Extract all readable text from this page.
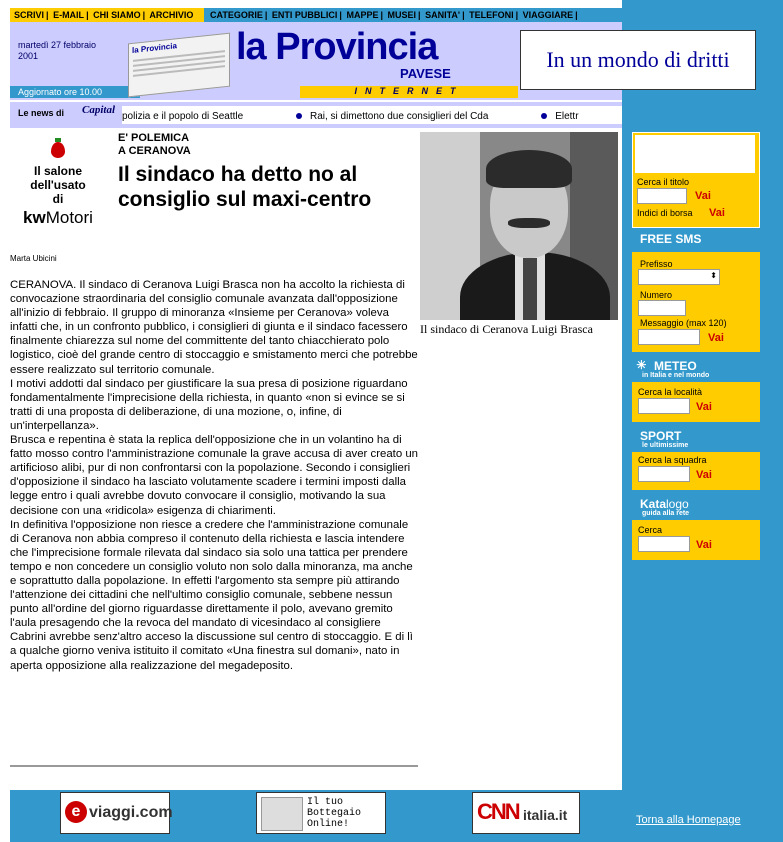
SCRIVI | E-MAIL | CHI SIAMO | ARCHIVIO	CATEGORIE | ENTI PUBBLICI | MAPPE | MUSEI | SANITA' | TELEFONI | VIAGGIARE |
martedì 27 febbraio
2001
Aggiornato ore 10.00
la Provincia	la Provincia
PAVESE
INTERNET
In un mondo di dritti
Le news di Capital
polizia e il popolo di Seattle	Rai, si dimettono due consiglieri del Cda	Elettr
Il salone
dell'usato
di
kwMotori
E' POLEMICA
A CERANOVA
Il sindaco ha detto no al consiglio sul maxi-centro
Marta Ubicini

CERANOVA. Il sindaco di Ceranova Luigi Brasca non ha accolto la richiesta di convocazione straordinaria del consiglio comunale avanzata dall'opposizione all'inizio di febbraio. Il gruppo di minoranza «Insieme per Ceranova» voleva infatti che, in un confronto pubblico, i consiglieri di giunta e il sindaco facessero finalmente chiarezza sul nome del committente del tanto chiacchierato polo logistico, cioè del grande centro di stoccaggio e smistamento merci che potrebbe essere realizzato sul territorio comunale.

I motivi addotti dal sindaco per giustificare la sua presa di posizione riguardano fondamentalmente l'imprecisione della richiesta, in quanto «non si evince se si tratti di una proposta di deliberazione, di una mozione, o, infine, di un'interpellanza».

Brusca e repentina è stata la replica dell'opposizione che in un volantino ha di fatto mosso contro l'amministrazione comunale la grave accusa di aver creato un artificioso alibi, pur di non confrontarsi con la popolazione. Secondo i consiglieri d'opposizione il sindaco ha lasciato volutamente scadere i termini imposti dalla legge entro i quali avrebbe dovuto convocare il consiglio, motivando la sua decisione con una «ridicola» esigenza di chiarimenti.

In definitiva l'opposizione non riesce a credere che l'amministrazione comunale di Ceranova non abbia compreso il contenuto della richiesta e lascia intendere che l'imprecisione formale rilevata dal sindaco sia solo una tattica per prendere tempo e non concedere un consiglio voluto non solo dalla minoranza, ma anche e soprattutto dalla popolazione. In effetti l'argomento sta sempre più attirando l'attenzione dei cittadini che nell'ultimo consiglio comunale, sebbene nessun punto all'ordine del giorno riguardasse direttamente il polo, avevano gremito l'aula presagendo che la revoca del mandato di vicesindaco al consigliere Cabrini avrebbe senz'altro acceso la discussione sul centro di stoccaggio. E di lì a qualche giorno veniva istituito il comitato «Una finestra sul domani», nato in aperta opposizione alla realizzazione del megadeposito.

Il sindaco di Ceranova Luigi Brasca
Cerca il titolo
Vai
Indici di borsa Vai
FREE SMS
Prefisso
⬍
Numero
Messaggio (max 120)
Vai
☀ METEO
in Italia e nel mondo
Cerca la località
Vai
SPORT
le ultimissime
Cerca la squadra
Vai
Katalogo
guida alla rete
Cerca
Vai
e viaggi.com
Il tuo
Bottegaio
Online!
CNN italia.it	Torna alla Homepage
